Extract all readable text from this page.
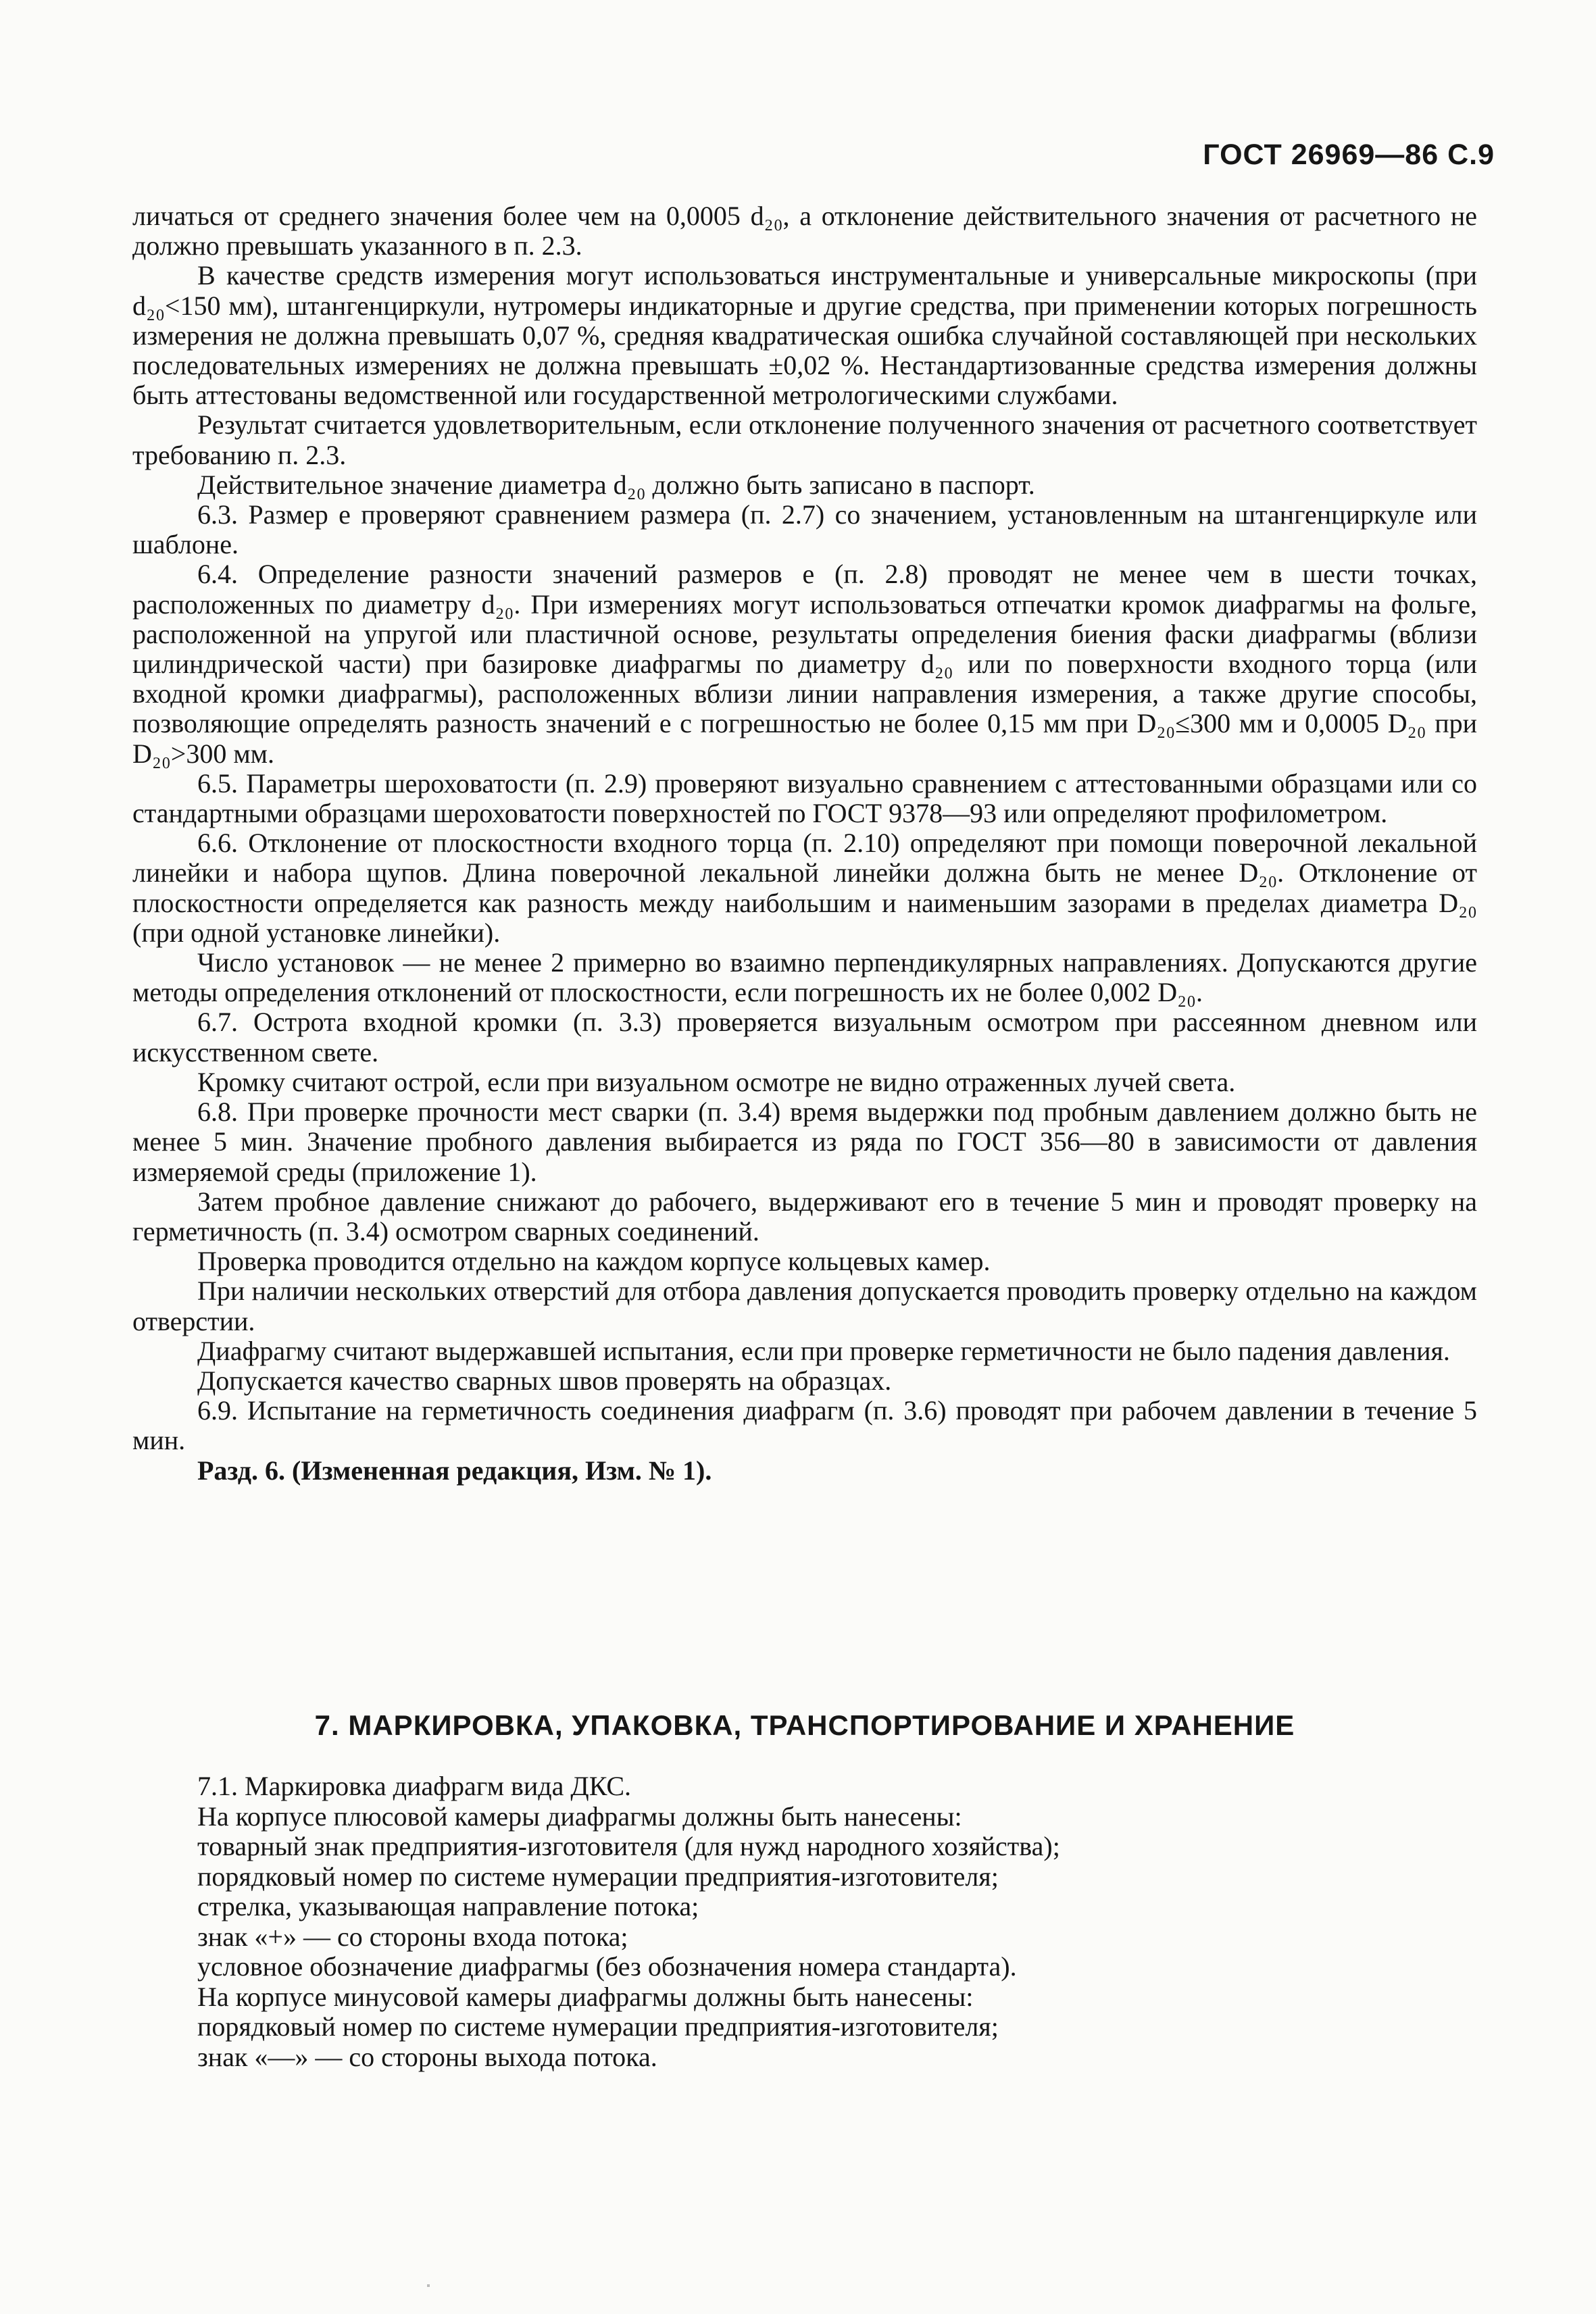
ГОСТ 26969—86 С.9

личаться от среднего значения более чем на 0,0005 d₂₀, а отклонение действительного значения от расчетного не должно превышать указанного в п. 2.3.

В качестве средств измерения могут использоваться инструментальные и универсальные микроскопы (при d₂₀<150 мм), штангенциркули, нутромеры индикаторные и другие средства, при применении которых погрешность измерения не должна превышать 0,07 %, средняя квадратическая ошибка случайной составляющей при нескольких последовательных измерениях не должна превышать ±0,02 %. Нестандартизованные средства измерения должны быть аттестованы ведомственной или государственной метрологическими службами.

Результат считается удовлетворительным, если отклонение полученного значения от расчетного соответствует требованию п. 2.3.

Действительное значение диаметра d₂₀ должно быть записано в паспорт.

6.3. Размер e проверяют сравнением размера (п. 2.7) со значением, установленным на штангенциркуле или шаблоне.

6.4. Определение разности значений размеров e (п. 2.8) проводят не менее чем в шести точках, расположенных по диаметру d₂₀. При измерениях могут использоваться отпечатки кромок диафрагмы на фольге, расположенной на упругой или пластичной основе, результаты определения биения фаски диафрагмы (вблизи цилиндрической части) при базировке диафрагмы по диаметру d₂₀ или по поверхности входного торца (или входной кромки диафрагмы), расположенных вблизи линии направления измерения, а также другие способы, позволяющие определять разность значений e с погрешностью не более 0,15 мм при D₂₀≤300 мм и 0,0005 D₂₀ при D₂₀>300 мм.

6.5. Параметры шероховатости (п. 2.9) проверяют визуально сравнением с аттестованными образцами или со стандартными образцами шероховатости поверхностей по ГОСТ 9378—93 или определяют профилометром.

6.6. Отклонение от плоскостности входного торца (п. 2.10) определяют при помощи поверочной лекальной линейки и набора щупов. Длина поверочной лекальной линейки должна быть не менее D₂₀. Отклонение от плоскостности определяется как разность между наибольшим и наименьшим зазорами в пределах диаметра D₂₀ (при одной установке линейки).

Число установок — не менее 2 примерно во взаимно перпендикулярных направлениях. Допускаются другие методы определения отклонений от плоскостности, если погрешность их не более 0,002 D₂₀.

6.7. Острота входной кромки (п. 3.3) проверяется визуальным осмотром при рассеянном дневном или искусственном свете.

Кромку считают острой, если при визуальном осмотре не видно отраженных лучей света.

6.8. При проверке прочности мест сварки (п. 3.4) время выдержки под пробным давлением должно быть не менее 5 мин. Значение пробного давления выбирается из ряда по ГОСТ 356—80 в зависимости от давления измеряемой среды (приложение 1).

Затем пробное давление снижают до рабочего, выдерживают его в течение 5 мин и проводят проверку на герметичность (п. 3.4) осмотром сварных соединений.

Проверка проводится отдельно на каждом корпусе кольцевых камер.

При наличии нескольких отверстий для отбора давления допускается проводить проверку отдельно на каждом отверстии.

Диафрагму считают выдержавшей испытания, если при проверке герметичности не было падения давления.

Допускается качество сварных швов проверять на образцах.

6.9. Испытание на герметичность соединения диафрагм (п. 3.6) проводят при рабочем давлении в течение 5 мин.

Разд. 6. (Измененная редакция, Изм. № 1).

7. МАРКИРОВКА, УПАКОВКА, ТРАНСПОРТИРОВАНИЕ И ХРАНЕНИЕ

7.1. Маркировка диафрагм вида ДКС.

На корпусе плюсовой камеры диафрагмы должны быть нанесены:

товарный знак предприятия-изготовителя (для нужд народного хозяйства);

порядковый номер по системе нумерации предприятия-изготовителя;

стрелка, указывающая направление потока;

знак «+» — со стороны входа потока;

условное обозначение диафрагмы (без обозначения номера стандарта).

На корпусе минусовой камеры диафрагмы должны быть нанесены:

порядковый номер по системе нумерации предприятия-изготовителя;

знак «—» — со стороны выхода потока.
